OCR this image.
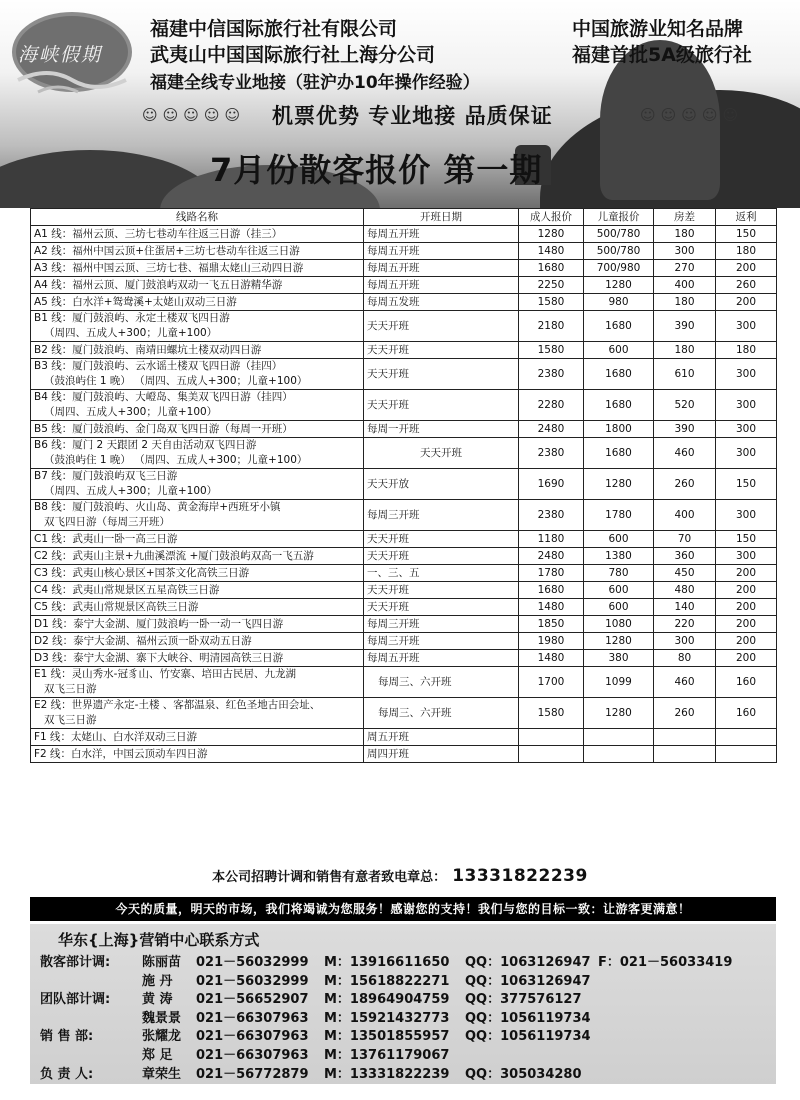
海峡假期
福建中信国际旅行社有限公司
武夷山中国国际旅行社上海分公司
福建全线专业地接（驻沪办10年操作经验）
中国旅游业知名品牌
福建首批5A级旅行社
☺☺☺☺☺ 机票优势 专业地接 品质保证	☺☺☺☺☺
7月份散客报价 第一期
线路名称	开班日期	成人报价	儿童报价	房差	返利

A1 线：福州云顶、三坊七巷动车往返三日游（挂三）	每周五开班	1280	500/780	180	150

A2 线：福州中国云顶+住蛋居+三坊七巷动车往返三日游	每周五开班	1480	500/780	300	180

A3 线：福州中国云顶、三坊七巷、福鼎太姥山三动四日游	每周五开班	1680	700/980	270	200

A4 线：福州云顶、厦门鼓浪屿双动一飞五日游精华游	每周五开班	2250	1280	400	260

A5 线：白水洋+鸳鸯溪+太姥山双动三日游	每周五发班	1580	980	180	200

B1 线：厦门鼓浪屿、永定土楼双飞四日游
（周四、五成人+300；儿童+100）	天天开班	2180	1680	390	300

B2 线：厦门鼓浪屿、南靖田螺坑土楼双动四日游	天天开班	1580	600	180	180

B3 线：厦门鼓浪屿、云水谣土楼双飞四日游（挂四）
（鼓浪屿住 1 晚） （周四、五成人+300；儿童+100）	天天开班	2380	1680	610	300

B4 线：厦门鼓浪屿、大嶝岛、集美双飞四日游（挂四）
（周四、五成人+300；儿童+100）	天天开班	2280	1680	520	300

B5 线：厦门鼓浪屿、金门岛双飞四日游（每周一开班）	每周一开班	2480	1800	390	300

B6 线：厦门 2 天跟团 2 天自由活动双飞四日游
（鼓浪屿住 1 晚） （周四、五成人+300；儿童+100）	天天开班	2380	1680	460	300

B7 线：厦门鼓浪屿双飞三日游
（周四、五成人+300；儿童+100）	天天开放	1690	1280	260	150

B8 线：厦门鼓浪屿、火山岛、黄金海岸+西班牙小镇
双飞四日游（每周三开班）	每周三开班	2380	1780	400	300

C1 线：武夷山一卧一高三日游	天天开班	1180	600	70	150

C2 线：武夷山主景+九曲溪漂流 +厦门鼓浪屿双高一飞五游	天天开班	2480	1380	360	300

C3 线：武夷山核心景区+国茶文化高铁三日游	一、三、五	1780	780	450	200

C4 线：武夷山常规景区五星高铁三日游	天天开班	1680	600	480	200

C5 线：武夷山常规景区高铁三日游	天天开班	1480	600	140	200

D1 线：泰宁大金湖、厦门鼓浪屿一卧一动一飞四日游	每周三开班	1850	1080	220	200

D2 线：泰宁大金湖、福州云顶一卧双动五日游	每周三开班	1980	1280	300	200

D3 线：泰宁大金湖、寨下大峡谷、明清园高铁三日游	每周五开班	1480	380	80	200

E1 线：灵山秀水-冠豸山、竹安寨、培田古民居、九龙湖
双飞三日游	每周三、六开班	1700	1099	460	160

E2 线：世界遗产永定-土楼 、客都温泉、红色圣地古田会址、
双飞三日游	每周三、六开班	1580	1280	260	160

F1 线：太姥山、白水洋双动三日游	周五开班				

F2 线：白水洋，中国云顶动车四日游	周四开班				
本公司招聘计调和销售有意者致电章总： 13331822239
今天的质量，明天的市场，我们将竭诚为您服务！感谢您的支持！我们与您的目标一致：让游客更满意！
华东{上海}营销中心联系方式
散客部计调: 陈丽苗 021－56032999 M：13916611650 QQ：1063126947 F：021－56033419
施 丹 021－56032999 M：15618822271 QQ：1063126947
团队部计调: 黄 涛 021－56652907 M：18964904759 QQ：377576127
魏景景 021－66307963 M：15921432773 QQ：1056119734
销 售 部:	张耀龙 021－66307963 M：13501855957 QQ：1056119734
郑 足 021－66307963 M：13761179067
负 责 人:	章荣生 021－56772879 M：13331822239 QQ：305034280
